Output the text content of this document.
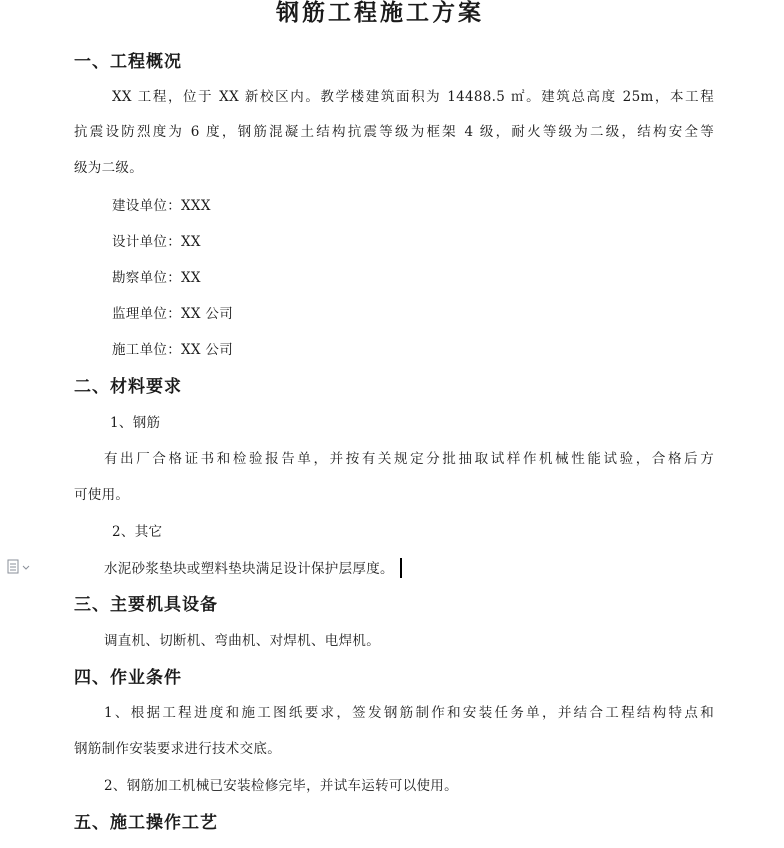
钢筋工程施工方案
一、工程概况
XX 工程，位于 XX 新校区内。教学楼建筑面积为 14488.5 ㎡。建筑总高度 25m，本工程
抗震设防烈度为 6 度，钢筋混凝土结构抗震等级为框架 4 级，耐火等级为二级，结构安全等
级为二级。
建设单位：XXX
设计单位：XX
勘察单位：XX
监理单位：XX 公司
施工单位：XX 公司
二、材料要求
1、钢筋
有出厂合格证书和检验报告单，并按有关规定分批抽取试样作机械性能试验，合格后方
可使用。
2、其它
水泥砂浆垫块或塑料垫块满足设计保护层厚度。
三、主要机具设备
调直机、切断机、弯曲机、对焊机、电焊机。
四、作业条件
1、根据工程进度和施工图纸要求，签发钢筋制作和安装任务单，并结合工程结构特点和
钢筋制作安装要求进行技术交底。
2、钢筋加工机械已安装检修完毕，并试车运转可以使用。
五、施工操作工艺
